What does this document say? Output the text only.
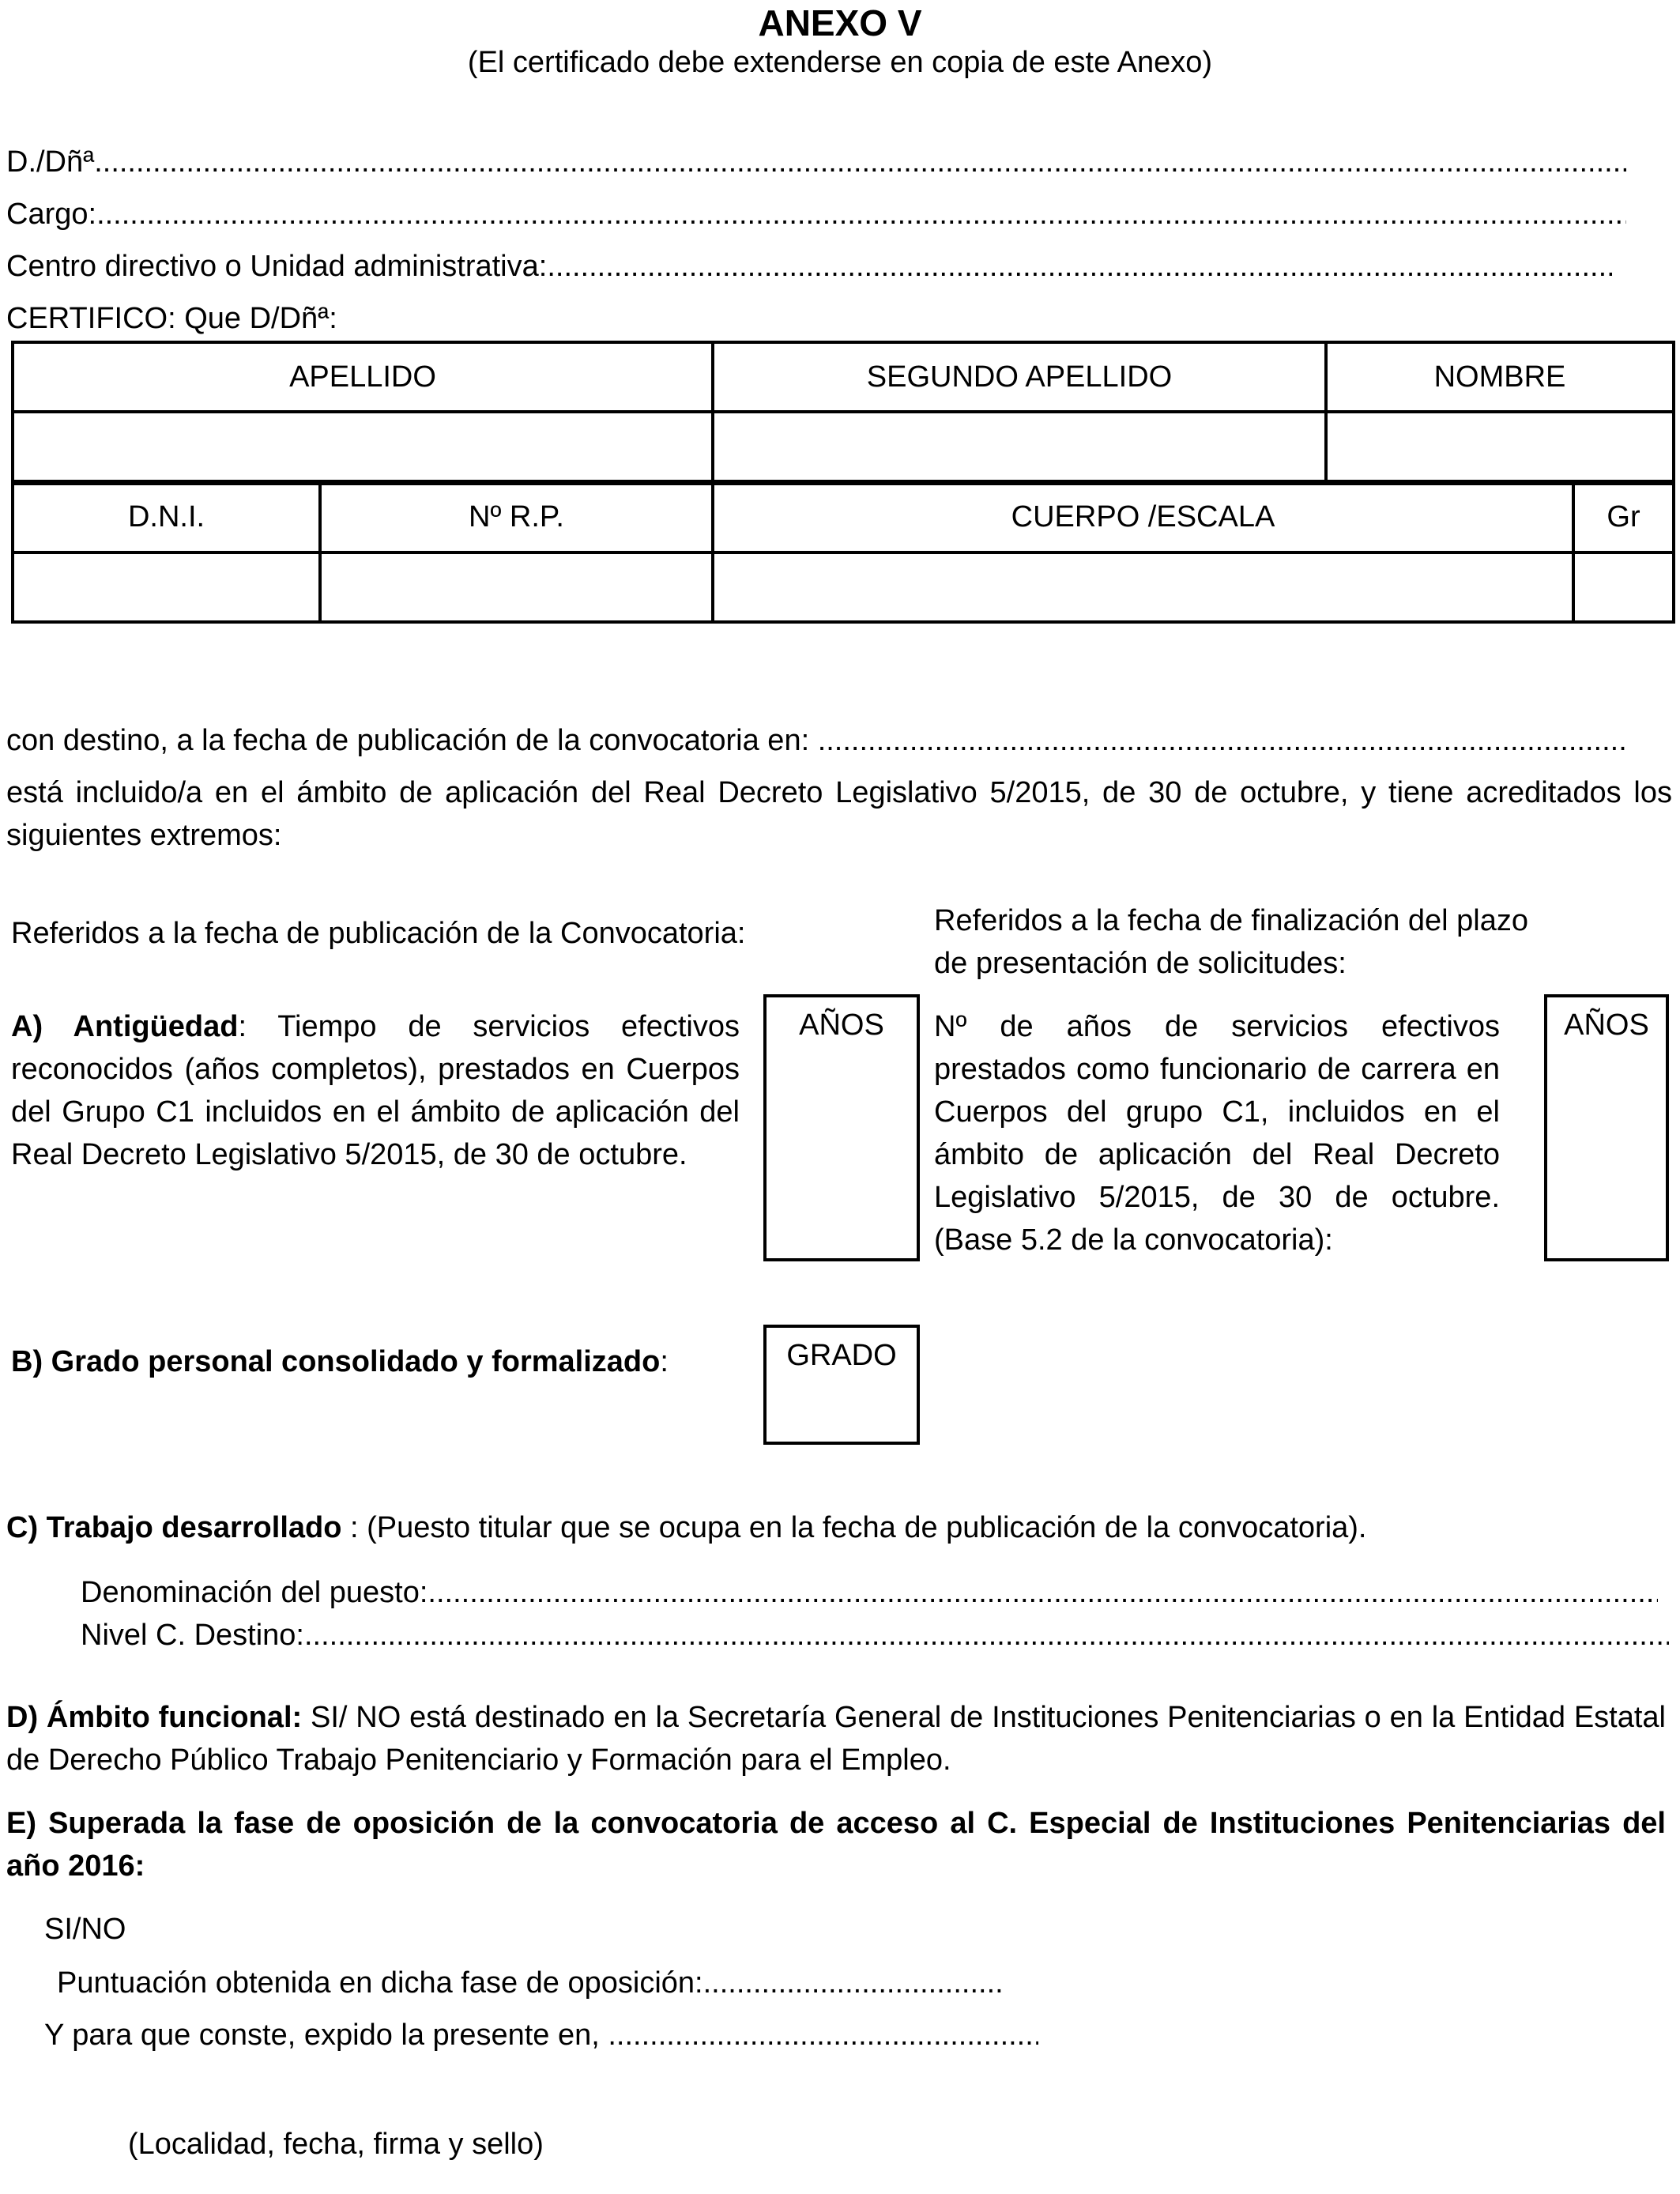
ANEXO V
(El certificado debe extenderse en copia de este Anexo)
D./Dñª
.....
Cargo:
.....
Centro directivo o Unidad administrativa:
.....
CERTIFICO: Que D/Dñª:
APELLIDO	SEGUNDO APELLIDO	NOMBRE

D.N.I.	Nº R.P.	CUERPO /ESCALA	Gr

con destino, a la fecha de publicación de la convocatoria en:
.....
está incluido/a en el ámbito de aplicación del Real Decreto Legislativo 5/2015, de 30 de octubre, y tiene acreditados los siguientes extremos:
Referidos a la fecha de publicación de la Convocatoria:	Referidos a la fecha de finalización del plazo
de presentación de solicitudes:
A) Antigüedad: Tiempo de servicios efectivos reconocidos (años completos), prestados en Cuerpos del Grupo C1 incluidos en el ámbito de aplicación del Real Decreto Legislativo 5/2015, de 30 de octubre.
AÑOS	Nº de años de servicios efectivos prestados como funcionario de carrera en Cuerpos del grupo C1, incluidos en el ámbito de aplicación del Real Decreto Legislativo 5/2015, de 30 de octubre. (Base 5.2 de la convocatoria):
AÑOS
B) Grado personal consolidado y formalizado:	GRADO
C) Trabajo desarrollado : (Puesto titular que se ocupa en la fecha de publicación de la convocatoria).
Denominación del puesto:
.....
Nivel C. Destino:
.....
D) Ámbito funcional: SI/ NO está destinado en la Secretaría General de Instituciones Penitenciarias o en la Entidad Estatal de Derecho Público Trabajo Penitenciario y Formación para el Empleo.
E) Superada la fase de oposición de la convocatoria de acceso al C. Especial de Instituciones Penitenciarias del año 2016:
SI/NO
Puntuación obtenida en dicha fase de oposición:
.....
Y para que conste, expido la presente en,
.....
(Localidad, fecha, firma y sello)
